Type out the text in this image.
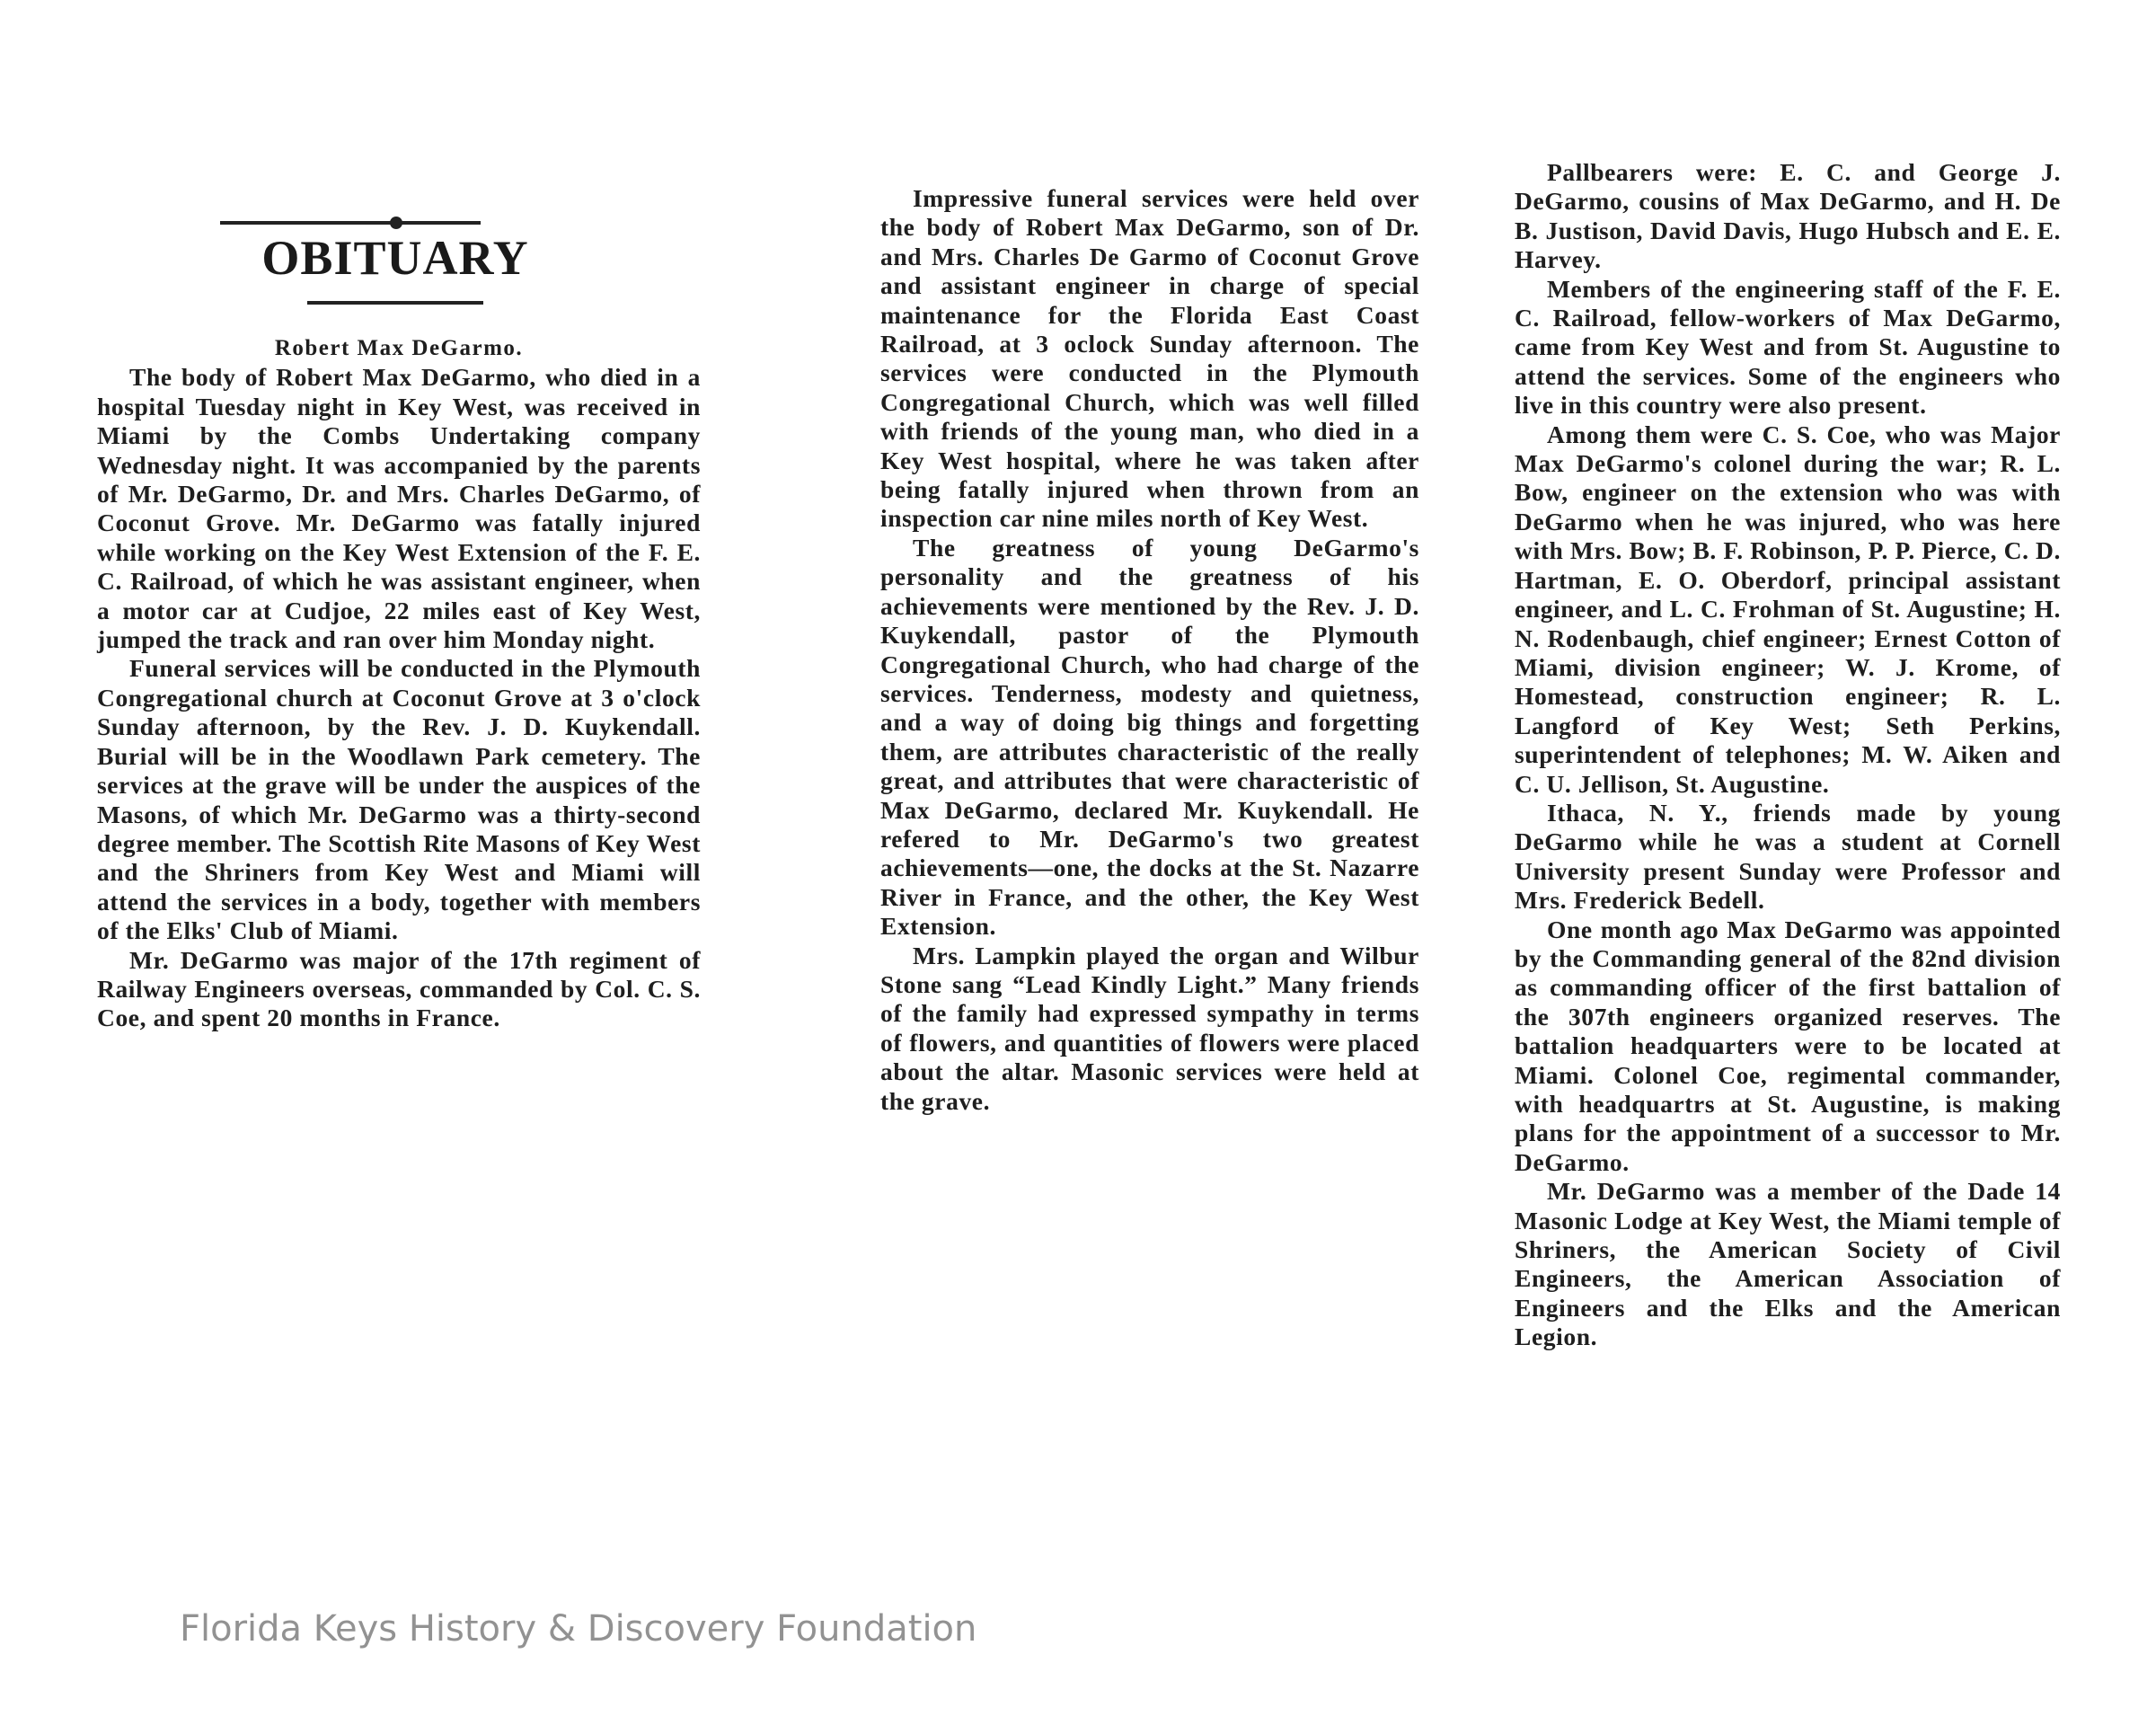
OBITUARY

Robert Max DeGarmo.

The body of Robert Max DeGarmo, who died in a hospital Tuesday night in Key West, was received in Miami by the Combs Undertaking company Wednesday night. It was accompanied by the parents of Mr. DeGarmo, Dr. and Mrs. Charles DeGarmo, of Coconut Grove. Mr. DeGarmo was fatally injured while working on the Key West Extension of the F. E. C. Railroad, of which he was assistant engineer, when a motor car at Cudjoe, 22 miles east of Key West, jumped the track and ran over him Monday night.

Funeral services will be conducted in the Plymouth Congregational church at Coconut Grove at 3 o'clock Sunday afternoon, by the Rev. J. D. Kuykendall. Burial will be in the Woodlawn Park cemetery. The services at the grave will be under the auspices of the Masons, of which Mr. DeGarmo was a thirty-second degree member. The Scottish Rite Masons of Key West and the Shriners from Key West and Miami will attend the services in a body, together with members of the Elks' Club of Miami.

Mr. DeGarmo was major of the 17th regiment of Railway Engineers overseas, commanded by Col. C. S. Coe, and spent 20 months in France.

Impressive funeral services were held over the body of Robert Max DeGarmo, son of Dr. and Mrs. Charles De Garmo of Coconut Grove and assistant engineer in charge of special maintenance for the Florida East Coast Railroad, at 3 oclock Sunday afternoon. The services were conducted in the Plymouth Congregational Church, which was well filled with friends of the young man, who died in a Key West hospital, where he was taken after being fatally injured when thrown from an inspection car nine miles north of Key West.

The greatness of young DeGarmo's personality and the greatness of his achievements were mentioned by the Rev. J. D. Kuykendall, pastor of the Plymouth Congregational Church, who had charge of the services. Tenderness, modesty and quietness, and a way of doing big things and forgetting them, are attributes characteristic of the really great, and attributes that were characteristic of Max DeGarmo, declared Mr. Kuykendall. He refered to Mr. DeGarmo's two greatest achievements—one, the docks at the St. Nazarre River in France, and the other, the Key West Extension.

Mrs. Lampkin played the organ and Wilbur Stone sang “Lead Kindly Light.” Many friends of the family had expressed sympathy in terms of flowers, and quantities of flowers were placed about the altar. Masonic services were held at the grave.

Pallbearers were: E. C. and George J. DeGarmo, cousins of Max DeGarmo, and H. De B. Justison, David Davis, Hugo Hubsch and E. E. Harvey.

Members of the engineering staff of the F. E. C. Railroad, fellow-workers of Max DeGarmo, came from Key West and from St. Augustine to attend the services. Some of the engineers who live in this country were also present.

Among them were C. S. Coe, who was Major Max DeGarmo's colonel during the war; R. L. Bow, engineer on the extension who was with DeGarmo when he was injured, who was here with Mrs. Bow; B. F. Robinson, P. P. Pierce, C. D. Hartman, E. O. Oberdorf, principal assistant engineer, and L. C. Frohman of St. Augustine; H. N. Rodenbaugh, chief engineer; Ernest Cotton of Miami, division engineer; W. J. Krome, of Homestead, construction engineer; R. L. Langford of Key West; Seth Perkins, superintendent of telephones; M. W. Aiken and C. U. Jellison, St. Augustine.

Ithaca, N. Y., friends made by young DeGarmo while he was a student at Cornell University present Sunday were Professor and Mrs. Frederick Bedell.

One month ago Max DeGarmo was appointed by the Commanding general of the 82nd division as commanding officer of the first battalion of the 307th engineers organized reserves. The battalion headquarters were to be located at Miami. Colonel Coe, regimental commander, with headquartrs at St. Augustine, is making plans for the appointment of a successor to Mr. DeGarmo.

Mr. DeGarmo was a member of the Dade 14 Masonic Lodge at Key West, the Miami temple of Shriners, the American Society of Civil Engineers, the American Association of Engineers and the Elks and the American Legion.

Florida Keys History & Discovery Foundation
